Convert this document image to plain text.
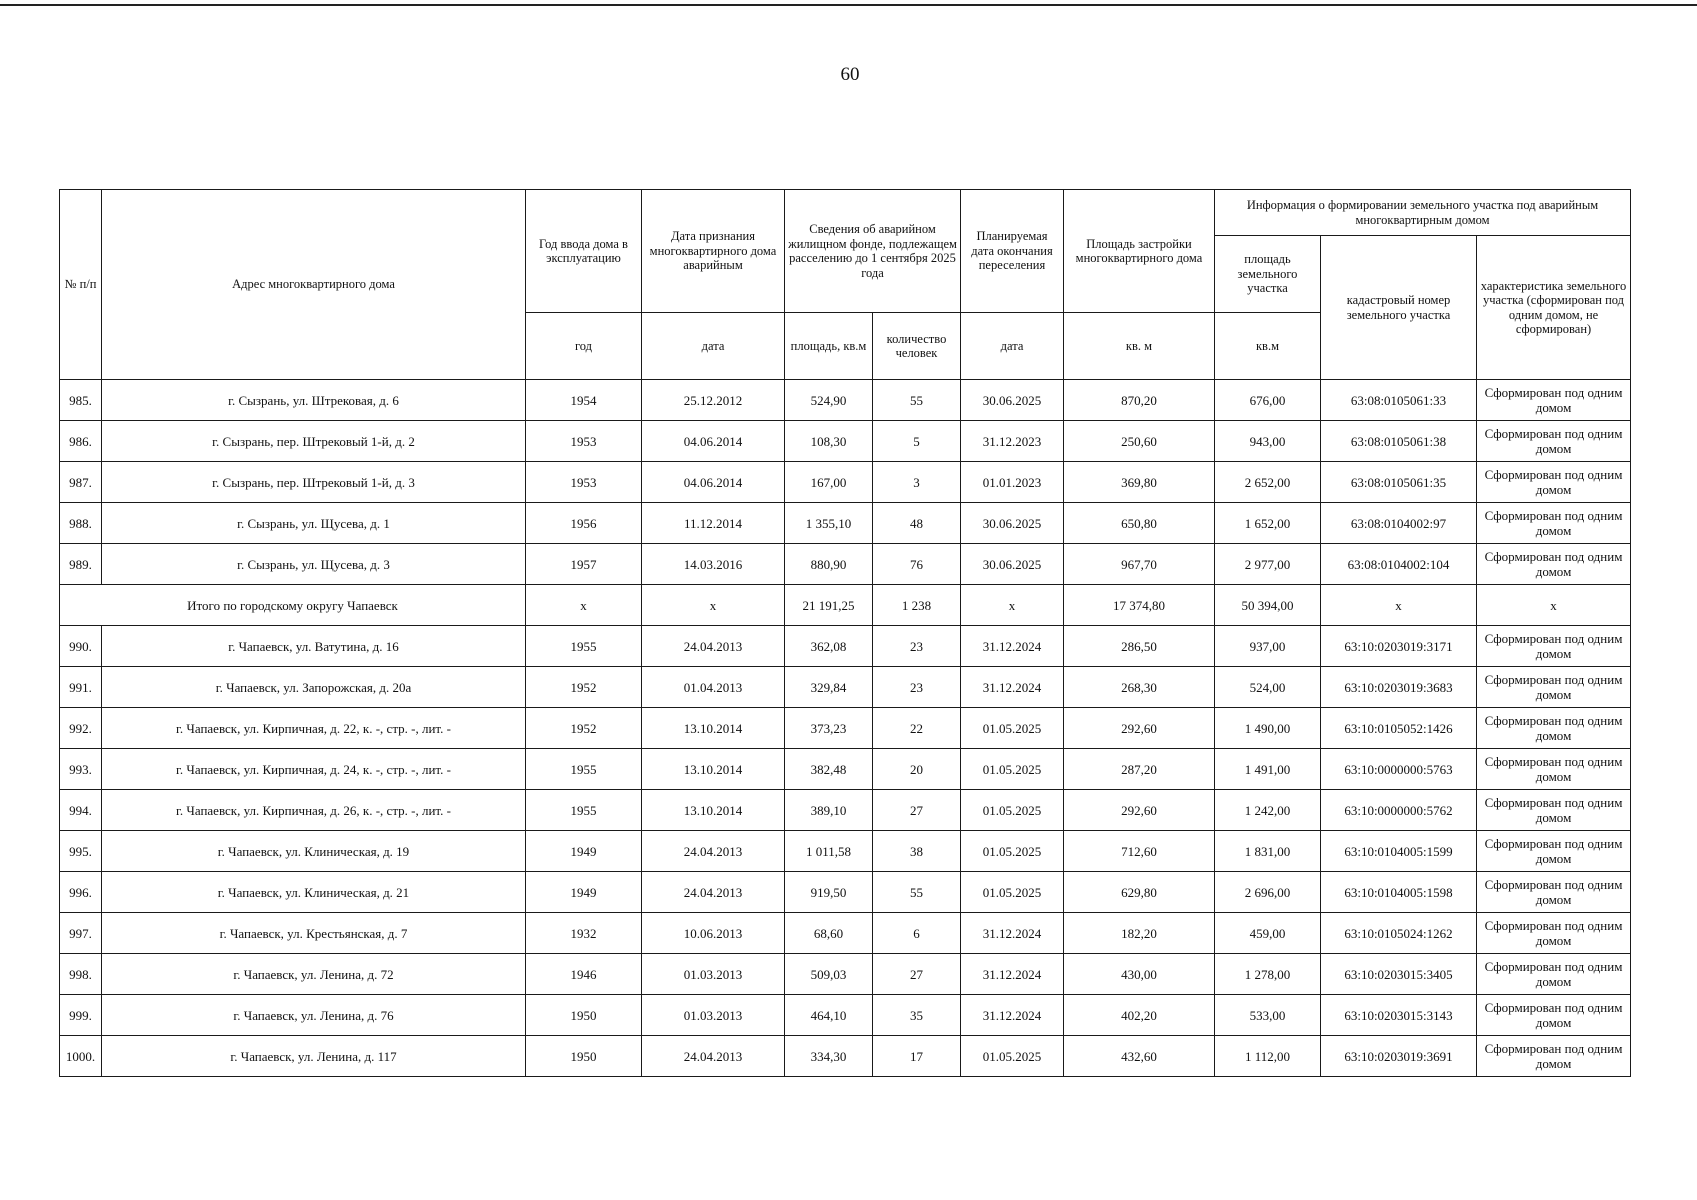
60
№ п/п	Адрес многоквартирного дома	Год ввода дома в эксплуатацию	Дата признания многоквартирного дома аварийным	Сведения об аварийном жилищном фонде, подлежащем расселению до 1 сентября 2025 года		Планируемая дата окончания переселения	Площадь застройки многоквартирного дома	Информация о формировании земельного участка под аварийным многоквартирным домом		
								площадь земельного участка	кадастровый номер земельного участка	характеристика земельного участка (сформирован под одним домом, не сформирован)
		год	дата	площадь, кв.м	количество человек	дата	кв. м	кв.м		
985.	г. Сызрань, ул. Штрековая, д. 6	1954	25.12.2012	524,90	55	30.06.2025	870,20	676,00	63:08:0105061:33	Сформирован под одним домом
986.	г. Сызрань, пер. Штрековый 1-й, д. 2	1953	04.06.2014	108,30	5	31.12.2023	250,60	943,00	63:08:0105061:38	Сформирован под одним домом
987.	г. Сызрань, пер. Штрековый 1-й, д. 3	1953	04.06.2014	167,00	3	01.01.2023	369,80	2 652,00	63:08:0105061:35	Сформирован под одним домом
988.	г. Сызрань, ул. Щусева, д. 1	1956	11.12.2014	1 355,10	48	30.06.2025	650,80	1 652,00	63:08:0104002:97	Сформирован под одним домом
989.	г. Сызрань, ул. Щусева, д. 3	1957	14.03.2016	880,90	76	30.06.2025	967,70	2 977,00	63:08:0104002:104	Сформирован под одним домом
Итого по городскому округу Чапаевск		x	x	21 191,25	1 238	x	17 374,80	50 394,00	x	x
990.	г. Чапаевск, ул. Ватутина, д. 16	1955	24.04.2013	362,08	23	31.12.2024	286,50	937,00	63:10:0203019:3171	Сформирован под одним домом
991.	г. Чапаевск, ул. Запорожская, д. 20а	1952	01.04.2013	329,84	23	31.12.2024	268,30	524,00	63:10:0203019:3683	Сформирован под одним домом
992.	г. Чапаевск, ул. Кирпичная, д. 22, к. -, стр. -, лит. -	1952	13.10.2014	373,23	22	01.05.2025	292,60	1 490,00	63:10:0105052:1426	Сформирован под одним домом
993.	г. Чапаевск, ул. Кирпичная, д. 24, к. -, стр. -, лит. -	1955	13.10.2014	382,48	20	01.05.2025	287,20	1 491,00	63:10:0000000:5763	Сформирован под одним домом
994.	г. Чапаевск, ул. Кирпичная, д. 26, к. -, стр. -, лит. -	1955	13.10.2014	389,10	27	01.05.2025	292,60	1 242,00	63:10:0000000:5762	Сформирован под одним домом
995.	г. Чапаевск, ул. Клиническая, д. 19	1949	24.04.2013	1 011,58	38	01.05.2025	712,60	1 831,00	63:10:0104005:1599	Сформирован под одним домом
996.	г. Чапаевск, ул. Клиническая, д. 21	1949	24.04.2013	919,50	55	01.05.2025	629,80	2 696,00	63:10:0104005:1598	Сформирован под одним домом
997.	г. Чапаевск, ул. Крестьянская, д. 7	1932	10.06.2013	68,60	6	31.12.2024	182,20	459,00	63:10:0105024:1262	Сформирован под одним домом
998.	г. Чапаевск, ул. Ленина, д. 72	1946	01.03.2013	509,03	27	31.12.2024	430,00	1 278,00	63:10:0203015:3405	Сформирован под одним домом
999.	г. Чапаевск, ул. Ленина, д. 76	1950	01.03.2013	464,10	35	31.12.2024	402,20	533,00	63:10:0203015:3143	Сформирован под одним домом
1000.	г. Чапаевск, ул. Ленина, д. 117	1950	24.04.2013	334,30	17	01.05.2025	432,60	1 112,00	63:10:0203019:3691	Сформирован под одним домом
